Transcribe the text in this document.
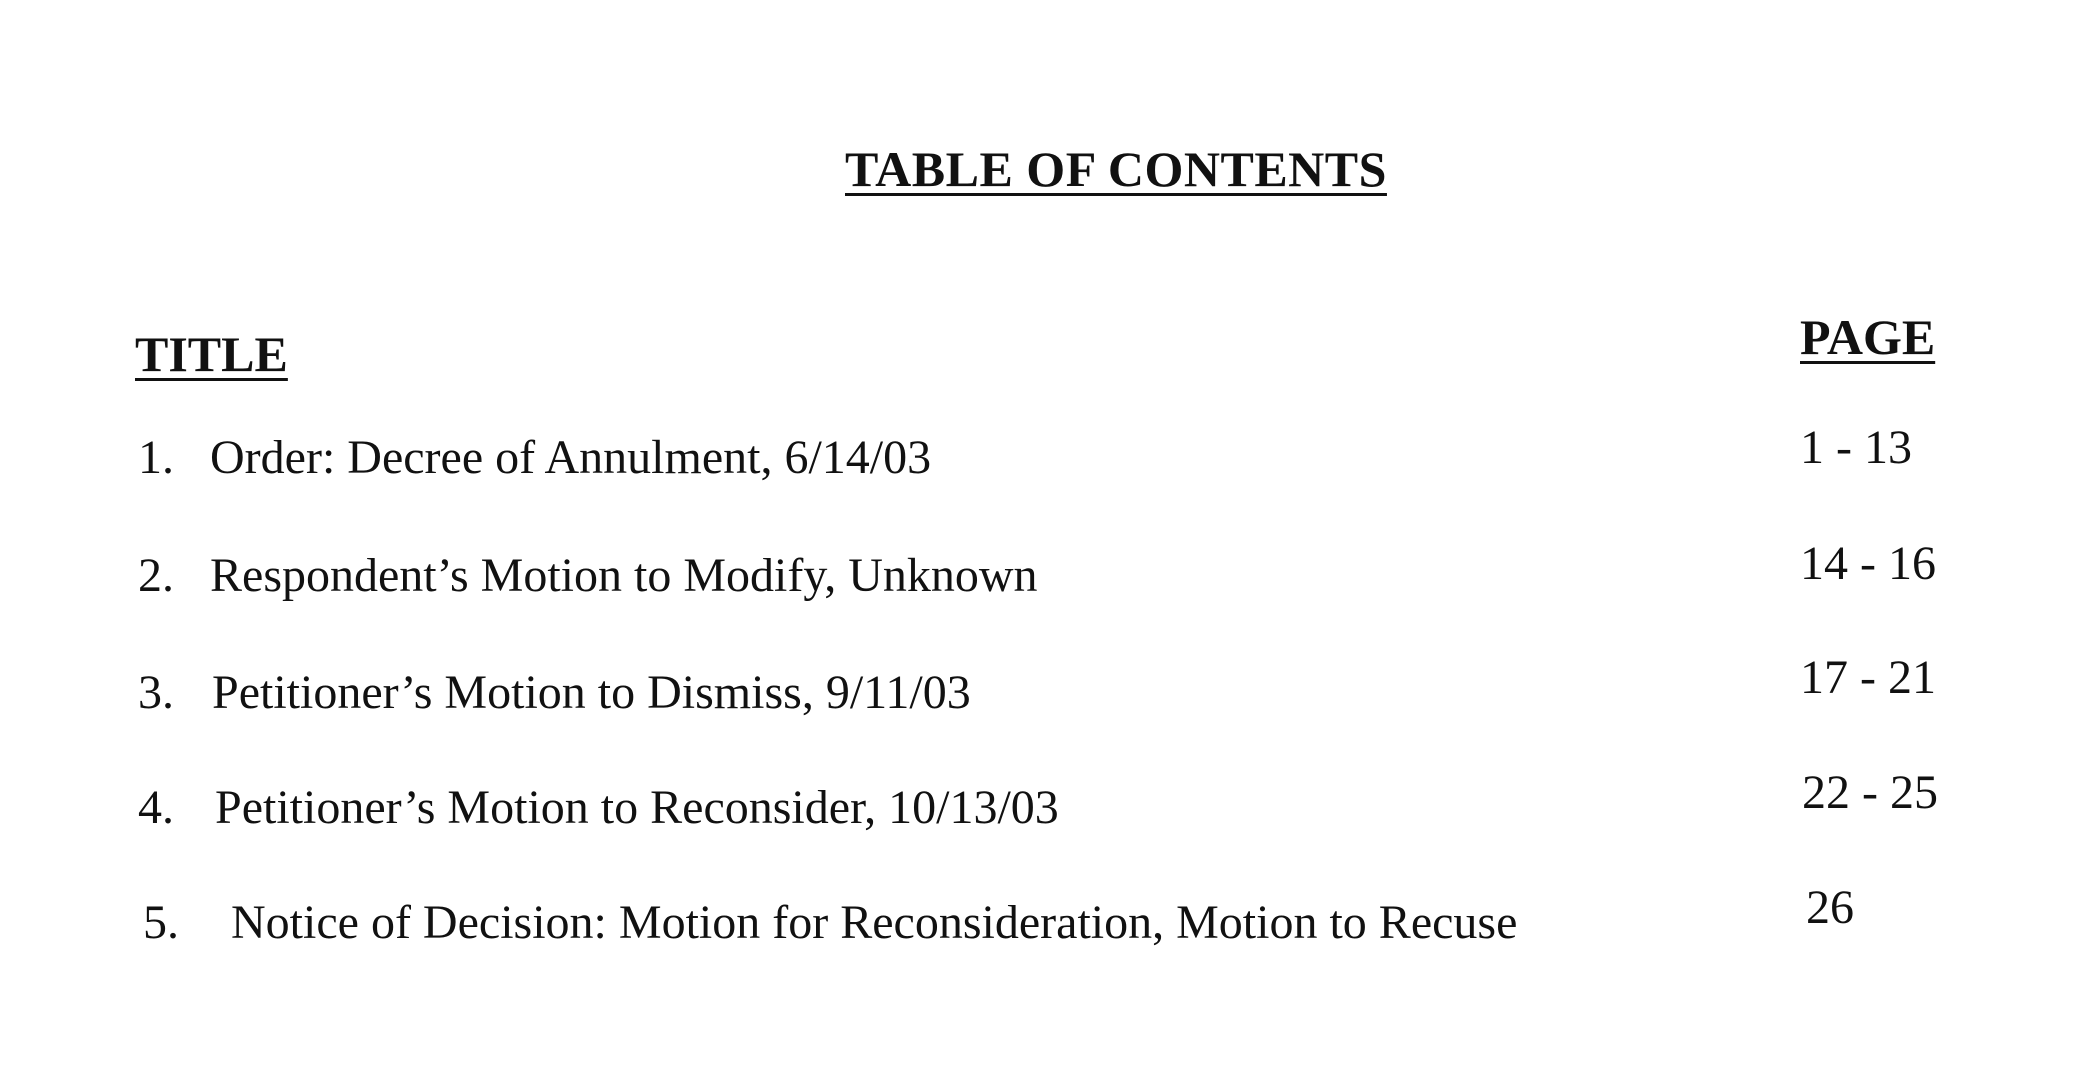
TABLE OF CONTENTS
TITLE	PAGE
1. Order: Decree of Annulment, 6/14/03	1 - 13
2. Respondent’s Motion to Modify, Unknown	14 - 16
3. Petitioner’s Motion to Dismiss, 9/11/03	17 - 21
4. Petitioner’s Motion to Reconsider, 10/13/03	22 - 25
5. Notice of Decision: Motion for Reconsideration, Motion to Recuse	26
